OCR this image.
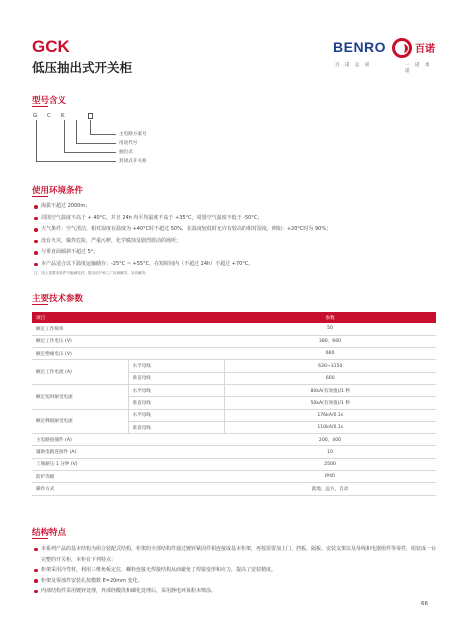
GCK
低压抽出式开关柜
BENRO	百诺
百 诺 总 诺	一 诺 承 诺
型号含义
G C K
主电路方案号
用途代号
抽出式
封闭式开关柜
使用环境条件
海拔不超过 2000m；
周围空气温度不高于 + 40°C，并且 24h 内平均温度不高于 +35°C，周围空气温度不低于 -50°C；
大气条件：空气清洁，相对湿度在温度为 +40°C时不超过 50%，在温度较低时允许有较高的相对湿度，例如：+20°C时为 90%；
没有火灾，爆炸危险，严重污秽，化学腐蚀及剧烈震动的场所；
与垂直面倾斜不超过 5°；
本产品适合以下温度运输储存：-25°C ~ +55°C，在短时间内（不超过 24h）不超过 +70°C。
注：如上述要求条件不能满足时，需由用户和工厂协商解决，另有解决。
主要技术参数
项目		参数
额定工作频率		50
额定工作电压 (V)		380，660
额定绝缘电压 (V)		660
额定工作电流 (A)	水平母线	630~3150
	垂直母线	600
额定短时耐受电流	水平母线	80kA(有效值)/1 秒
	垂直母线	50kA(有效值)/1 秒
额定峰值耐受电流	水平母线	176kA/0.1s
	垂直母线	110kA/0.1s
主电路接插件 (A)		200，400
辅助电路连接件 (A)		10
工频耐压 1 分钟 (V)		2500
防护等级		IP40
操作方式		就地，远方，自动
结构特点
本系列产品的基本结构为组合装配式结构，柜架的全部结构件通过镀锌紧固件相连接成基本柜架，再按需要加上门、挡板、隔板、安装支架以及母线和电器组件等零件，组装成一台完整的开关柜，本柜有下列特点：
柜架采用冷弯材，利用三维角板定位，螺栓连接无焊接结构从而避免了焊接变形和应力，提高了安装精度。
柜架及零部件安装孔按模数 E=20mm 变化。
内部结构件采用镀锌处理，外部经酸洗和磷化处理后，采用静电环氧粉末喷涂。
66
